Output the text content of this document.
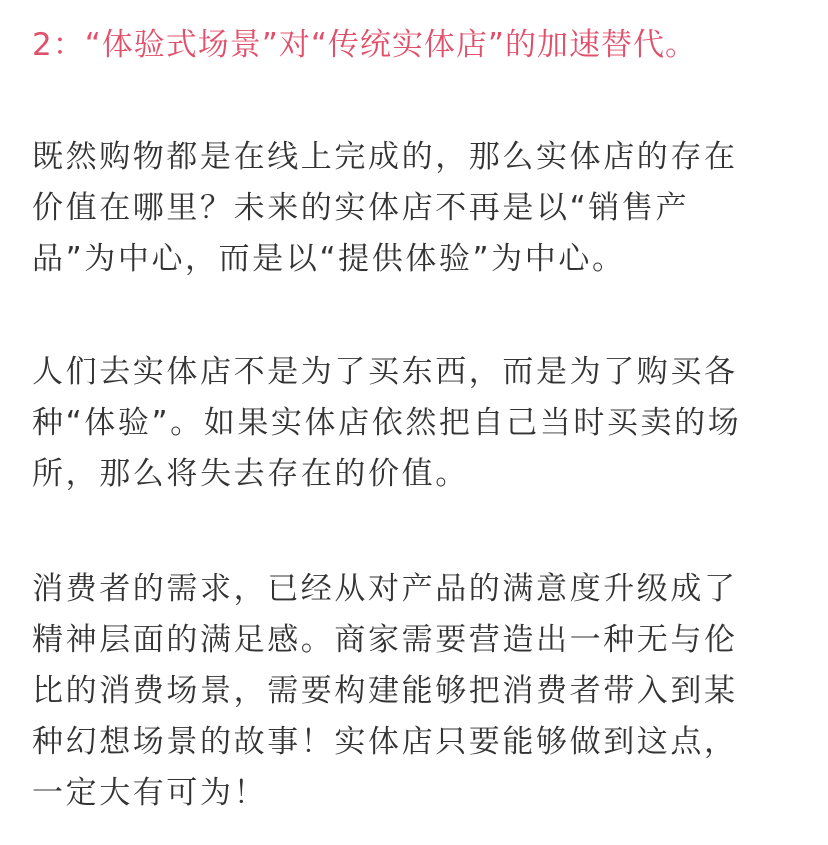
2：“体验式场景”对“传统实体店”的加速替代。
既然购物都是在线上完成的，那么实体店的存在
价值在哪里？未来的实体店不再是以“销售产
品”为中心，而是以“提供体验”为中心。
人们去实体店不是为了买东西，而是为了购买各
种“体验”。如果实体店依然把自己当时买卖的场
所，那么将失去存在的价值。
消费者的需求，已经从对产品的满意度升级成了
精神层面的满足感。商家需要营造出一种无与伦
比的消费场景，需要构建能够把消费者带入到某
种幻想场景的故事！实体店只要能够做到这点，
一定大有可为！
